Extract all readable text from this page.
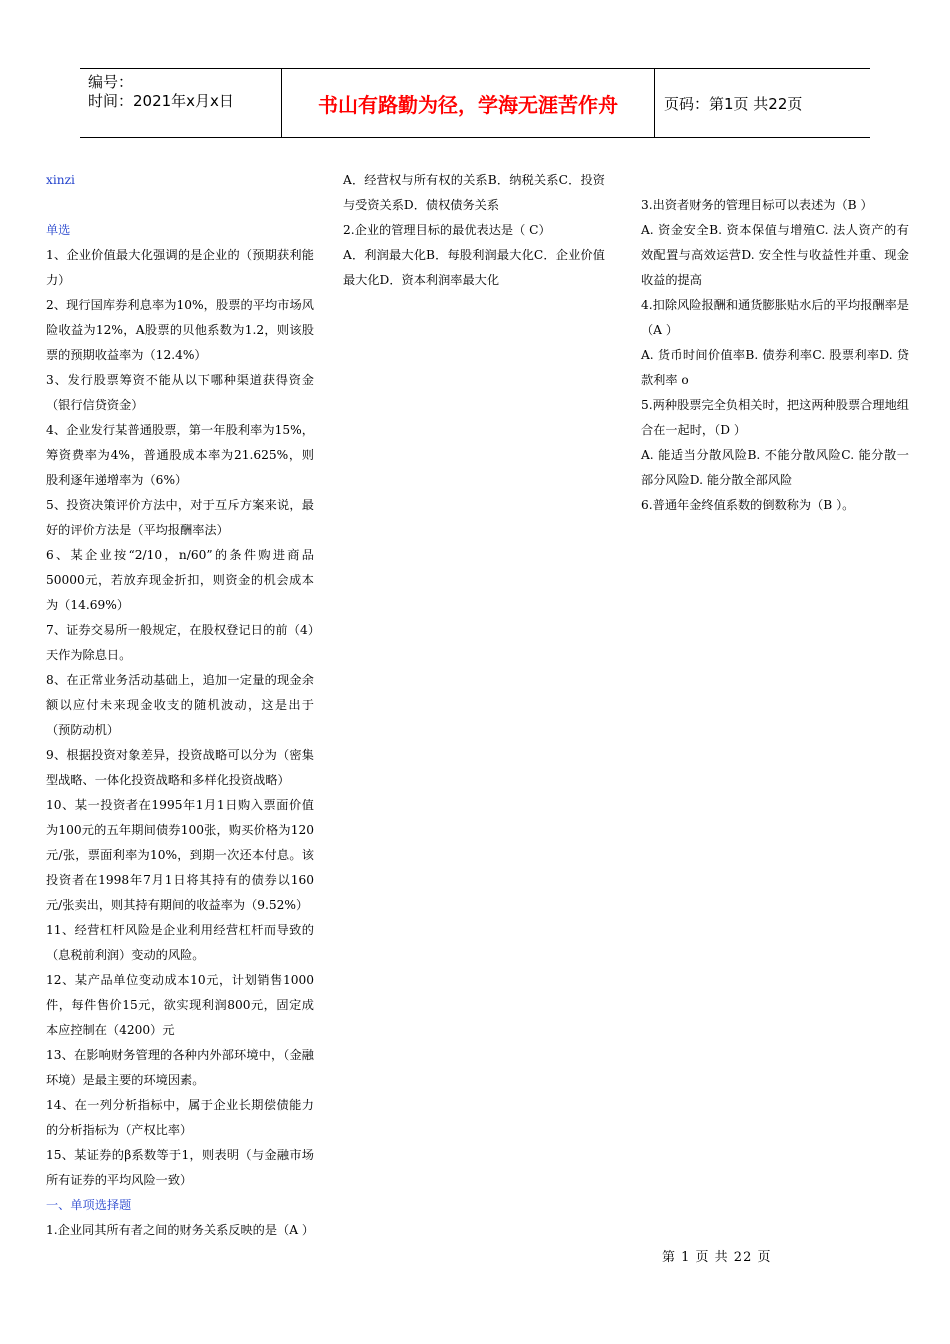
编号：
时间：2021年x月x日	书山有路勤为径，学海无涯苦作舟	页码：第1页 共22页

xinzi

单选

1、企业价值最大化强调的是企业的（预期获利能力）

2、现行国库券利息率为10%，股票的平均市场风险收益为12%，A股票的贝他系数为1.2，则该股票的预期收益率为（12.4%）

3、发行股票筹资不能从以下哪种渠道获得资金（银行信贷资金）

4、企业发行某普通股票，第一年股利率为15%，筹资费率为4%，普通股成本率为21.625%，则股利逐年递增率为（6%）

5、投资决策评价方法中，对于互斥方案来说，最好的评价方法是（平均报酬率法）

6、某企业按“2/10，n/60”的条件购进商品50000元，若放弃现金折扣，则资金的机会成本为（14.69%）

7、证券交易所一般规定，在股权登记日的前（4）天作为除息日。

8、在正常业务活动基础上，追加一定量的现金余额以应付未来现金收支的随机波动，这是出于（预防动机）

9、根据投资对象差异，投资战略可以分为（密集型战略、一体化投资战略和多样化投资战略）

10、某一投资者在1995年1月1日购入票面价值为100元的五年期间债券100张，购买价格为120元/张，票面利率为10%，到期一次还本付息。该投资者在1998年7月1日将其持有的债券以160元/张卖出，则其持有期间的收益率为（9.52%）

11、经营杠杆风险是企业利用经营杠杆而导致的（息税前利润）变动的风险。

12、某产品单位变动成本10元，计划销售1000件，每件售价15元，欲实现利润800元，固定成本应控制在（4200）元

13、在影响财务管理的各种内外部环境中，（金融环境）是最主要的环境因素。

14、在一列分析指标中，属于企业长期偿债能力的分析指标为（产权比率）

15、某证券的β系数等于1，则表明（与金融市场所有证券的平均风险一致）

一、单项选择题

1.企业同其所有者之间的财务关系反映的是（A ）

A．经营权与所有权的关系B．纳税关系C．投资与受资关系D．债权债务关系

2.企业的管理目标的最优表达是（ C）

A．利润最大化B．每股利润最大化C．企业价值最大化D．资本利润率最大化

3.出资者财务的管理目标可以表述为（B ）

A. 资金安全B. 资本保值与增殖C. 法人资产的有效配置与高效运营D. 安全性与收益性并重、现金收益的提高

4.扣除风险报酬和通货膨胀贴水后的平均报酬率是（A ）

A. 货币时间价值率B. 债券利率C. 股票利率D. 贷款利率 o

5.两种股票完全负相关时，把这两种股票合理地组合在一起时，（D ）

A. 能适当分散风险B. 不能分散风险C. 能分散一部分风险D. 能分散全部风险

6.普通年金终值系数的倒数称为（B ）。

第 1 页 共 22 页
